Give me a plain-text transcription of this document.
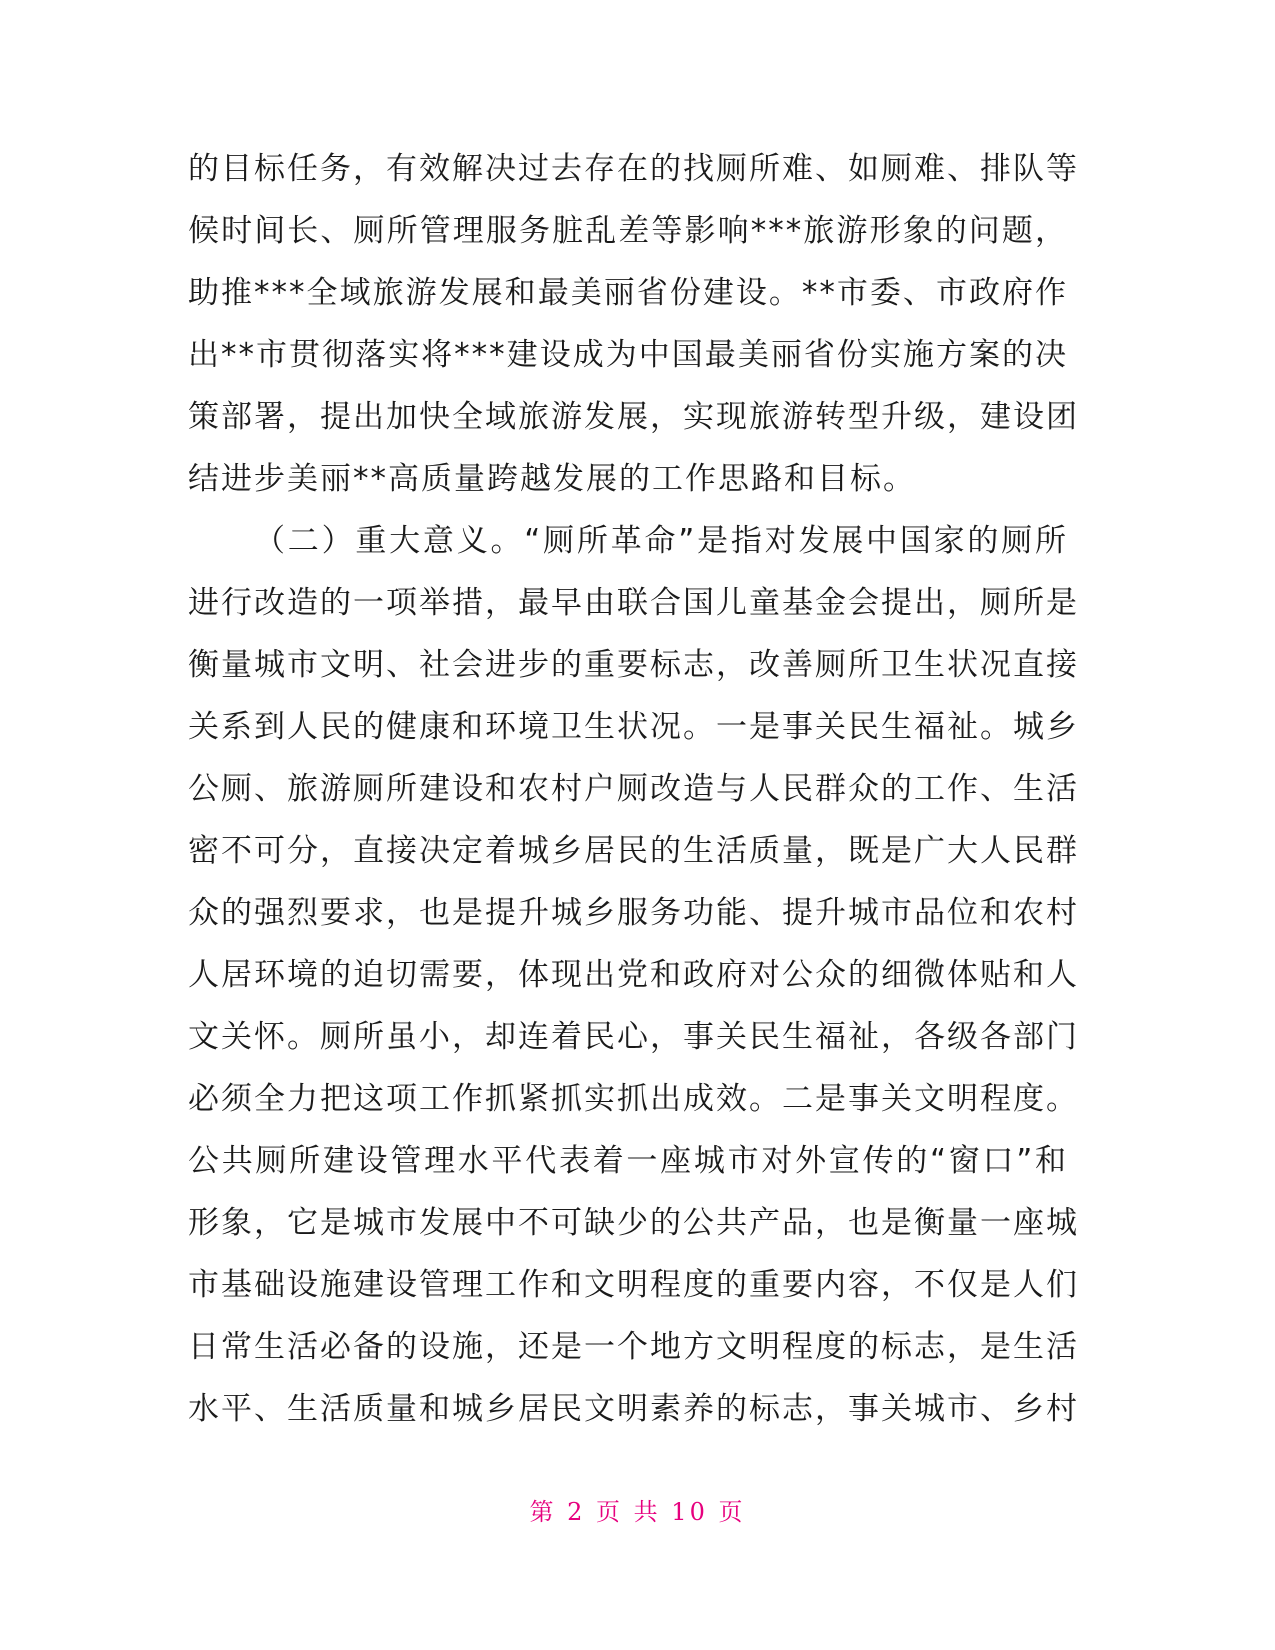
的目标任务，有效解决过去存在的找厕所难、如厕难、排队等
候时间长、厕所管理服务脏乱差等影响***旅游形象的问题，
助推***全域旅游发展和最美丽省份建设。**市委、市政府作
出**市贯彻落实将***建设成为中国最美丽省份实施方案的决
策部署，提出加快全域旅游发展，实现旅游转型升级，建设团
结进步美丽**高质量跨越发展的工作思路和目标。
（二）重大意义。“厕所革命”是指对发展中国家的厕所
进行改造的一项举措，最早由联合国儿童基金会提出，厕所是
衡量城市文明、社会进步的重要标志，改善厕所卫生状况直接
关系到人民的健康和环境卫生状况。一是事关民生福祉。城乡
公厕、旅游厕所建设和农村户厕改造与人民群众的工作、生活
密不可分，直接决定着城乡居民的生活质量，既是广大人民群
众的强烈要求，也是提升城乡服务功能、提升城市品位和农村
人居环境的迫切需要，体现出党和政府对公众的细微体贴和人
文关怀。厕所虽小，却连着民心，事关民生福祉，各级各部门
必须全力把这项工作抓紧抓实抓出成效。二是事关文明程度。
公共厕所建设管理水平代表着一座城市对外宣传的“窗口”和
形象，它是城市发展中不可缺少的公共产品，也是衡量一座城
市基础设施建设管理工作和文明程度的重要内容，不仅是人们
日常生活必备的设施，还是一个地方文明程度的标志，是生活
水平、生活质量和城乡居民文明素养的标志，事关城市、乡村
第 2 页 共 10 页
